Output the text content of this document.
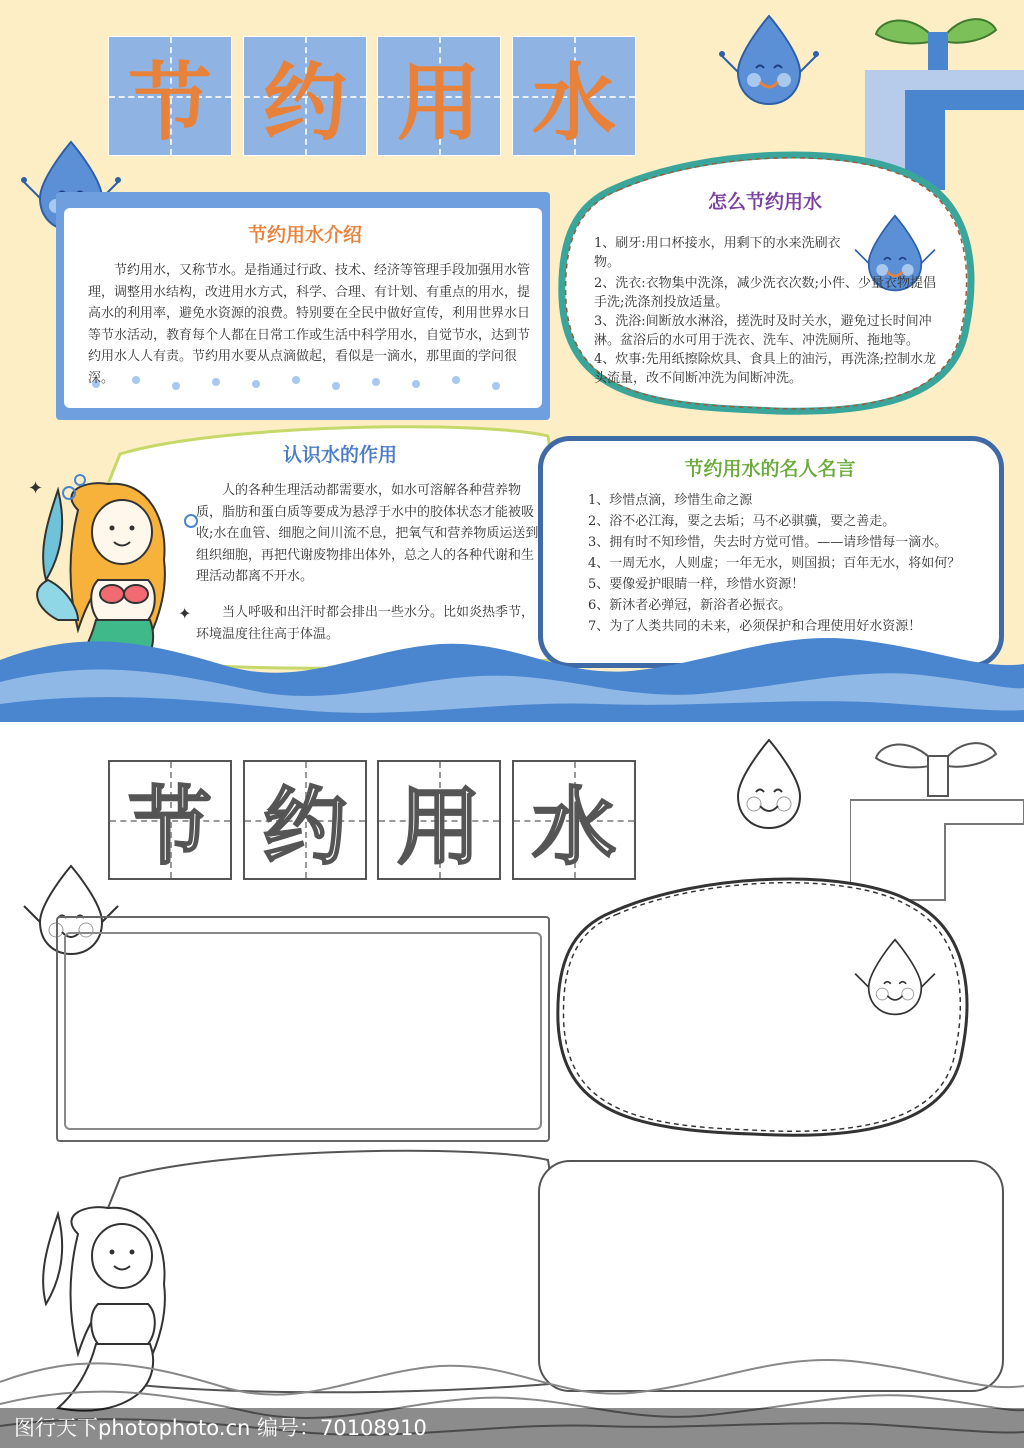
节 约 用 水
节约用水介绍
节约用水，又称节水。是指通过行政、技术、经济等管理手段加强用水管理，调整用水结构，改进用水方式，科学、合理、有计划、有重点的用水，提高水的利用率，避免水资源的浪费。特别要在全民中做好宣传，利用世界水日等节水活动，教育每个人都在日常工作或生活中科学用水，自觉节水，达到节约用水人人有责。节约用水要从点滴做起，看似是一滴水，那里面的学问很深。
怎么节约用水
1、刷牙:用口杯接水，用剩下的水来洗刷衣物。
2、洗衣:衣物集中洗涤，减少洗衣次数;小件、少量衣物提倡手洗;洗涤剂投放适量。
3、洗浴:间断放水淋浴，搓洗时及时关水，避免过长时间冲淋。盆浴后的水可用于洗衣、洗车、冲洗厕所、拖地等。
4、炊事:先用纸擦除炊具、食具上的油污，再洗涤;控制水龙头流量，改不间断冲洗为间断冲洗。
认识水的作用
人的各种生理活动都需要水，如水可溶解各种营养物质，脂肪和蛋白质等要成为悬浮于水中的胶体状态才能被吸收;水在血管、细胞之间川流不息，把氧气和营养物质运送到组织细胞，再把代谢废物排出体外，总之人的各种代谢和生理活动都离不开水。
当人呼吸和出汗时都会排出一些水分。比如炎热季节，环境温度往往高于体温。
节约用水的名人名言
1、珍惜点滴，珍惜生命之源
2、浴不必江海，要之去垢；马不必骐骥，要之善走。
3、拥有时不知珍惜，失去时方觉可惜。——请珍惜每一滴水。
4、一周无水，人则虚；一年无水，则国损；百年无水，将如何？
5、要像爱护眼睛一样，珍惜水资源！
6、新沐者必弹冠，新浴者必振衣。
7、为了人类共同的未来，必须保护和合理使用好水资源！
✦
✦
节 约 用 水
图行天下photophoto.cn 编号：70108910
